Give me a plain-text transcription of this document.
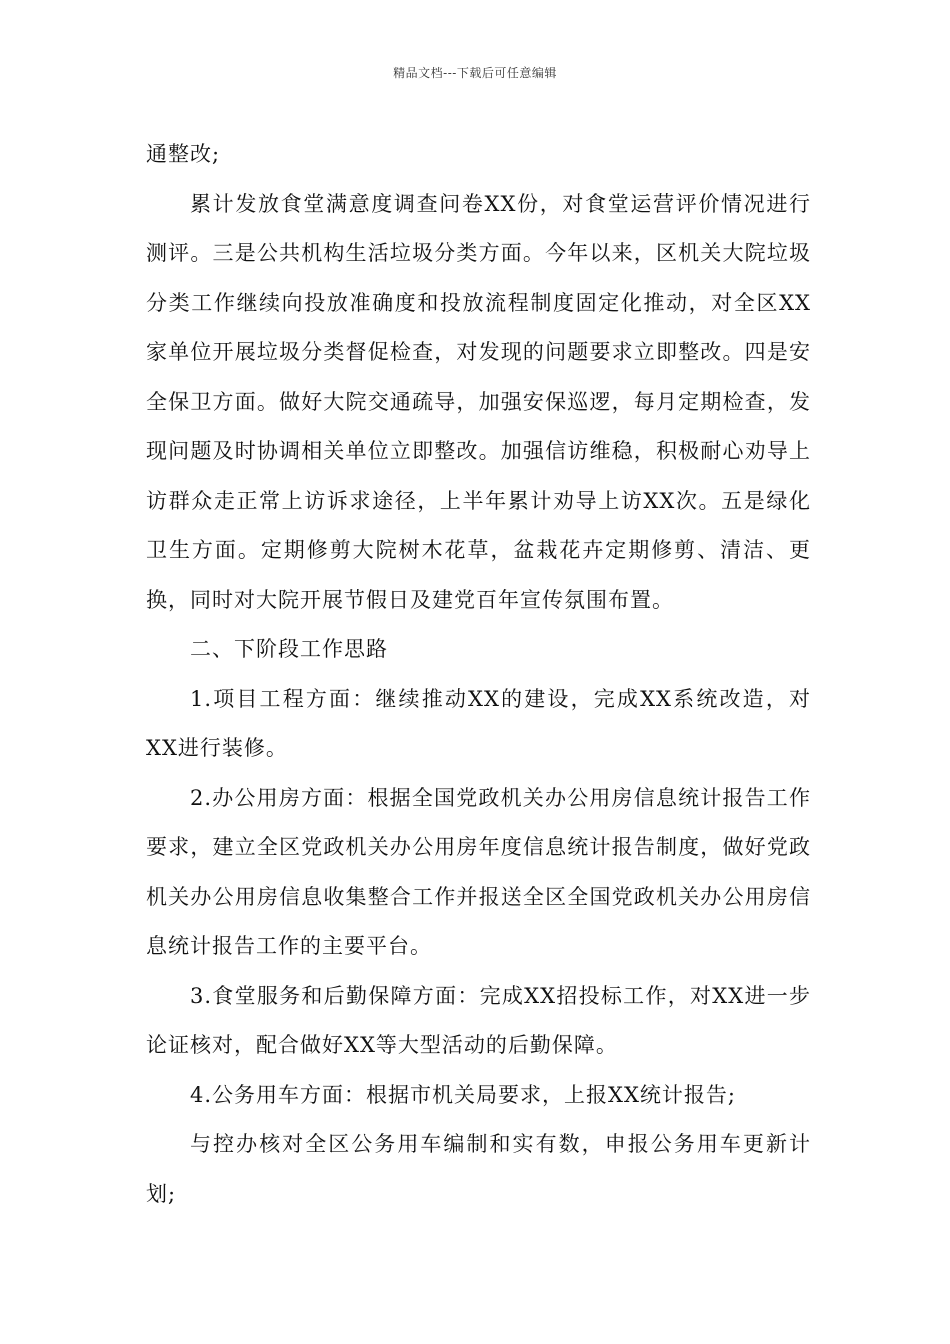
精品文档---下载后可任意编辑

通整改;

累计发放食堂满意度调查问卷XX份，对食堂运营评价情况进行测评。三是公共机构生活垃圾分类方面。今年以来，区机关大院垃圾分类工作继续向投放准确度和投放流程制度固定化推动，对全区XX家单位开展垃圾分类督促检查，对发现的问题要求立即整改。四是安全保卫方面。做好大院交通疏导，加强安保巡逻，每月定期检查，发现问题及时协调相关单位立即整改。加强信访维稳，积极耐心劝导上访群众走正常上访诉求途径，上半年累计劝导上访XX次。五是绿化卫生方面。定期修剪大院树木花草，盆栽花卉定期修剪、清洁、更换，同时对大院开展节假日及建党百年宣传氛围布置。

二、下阶段工作思路

1.项目工程方面：继续推动XX的建设，完成XX系统改造，对XX进行装修。

2.办公用房方面：根据全国党政机关办公用房信息统计报告工作要求，建立全区党政机关办公用房年度信息统计报告制度，做好党政机关办公用房信息收集整合工作并报送全区全国党政机关办公用房信息统计报告工作的主要平台。

3.食堂服务和后勤保障方面：完成XX招投标工作，对XX进一步论证核对，配合做好XX等大型活动的后勤保障。

4.公务用车方面：根据市机关局要求，上报XX统计报告;

与控办核对全区公务用车编制和实有数，申报公务用车更新计划;
